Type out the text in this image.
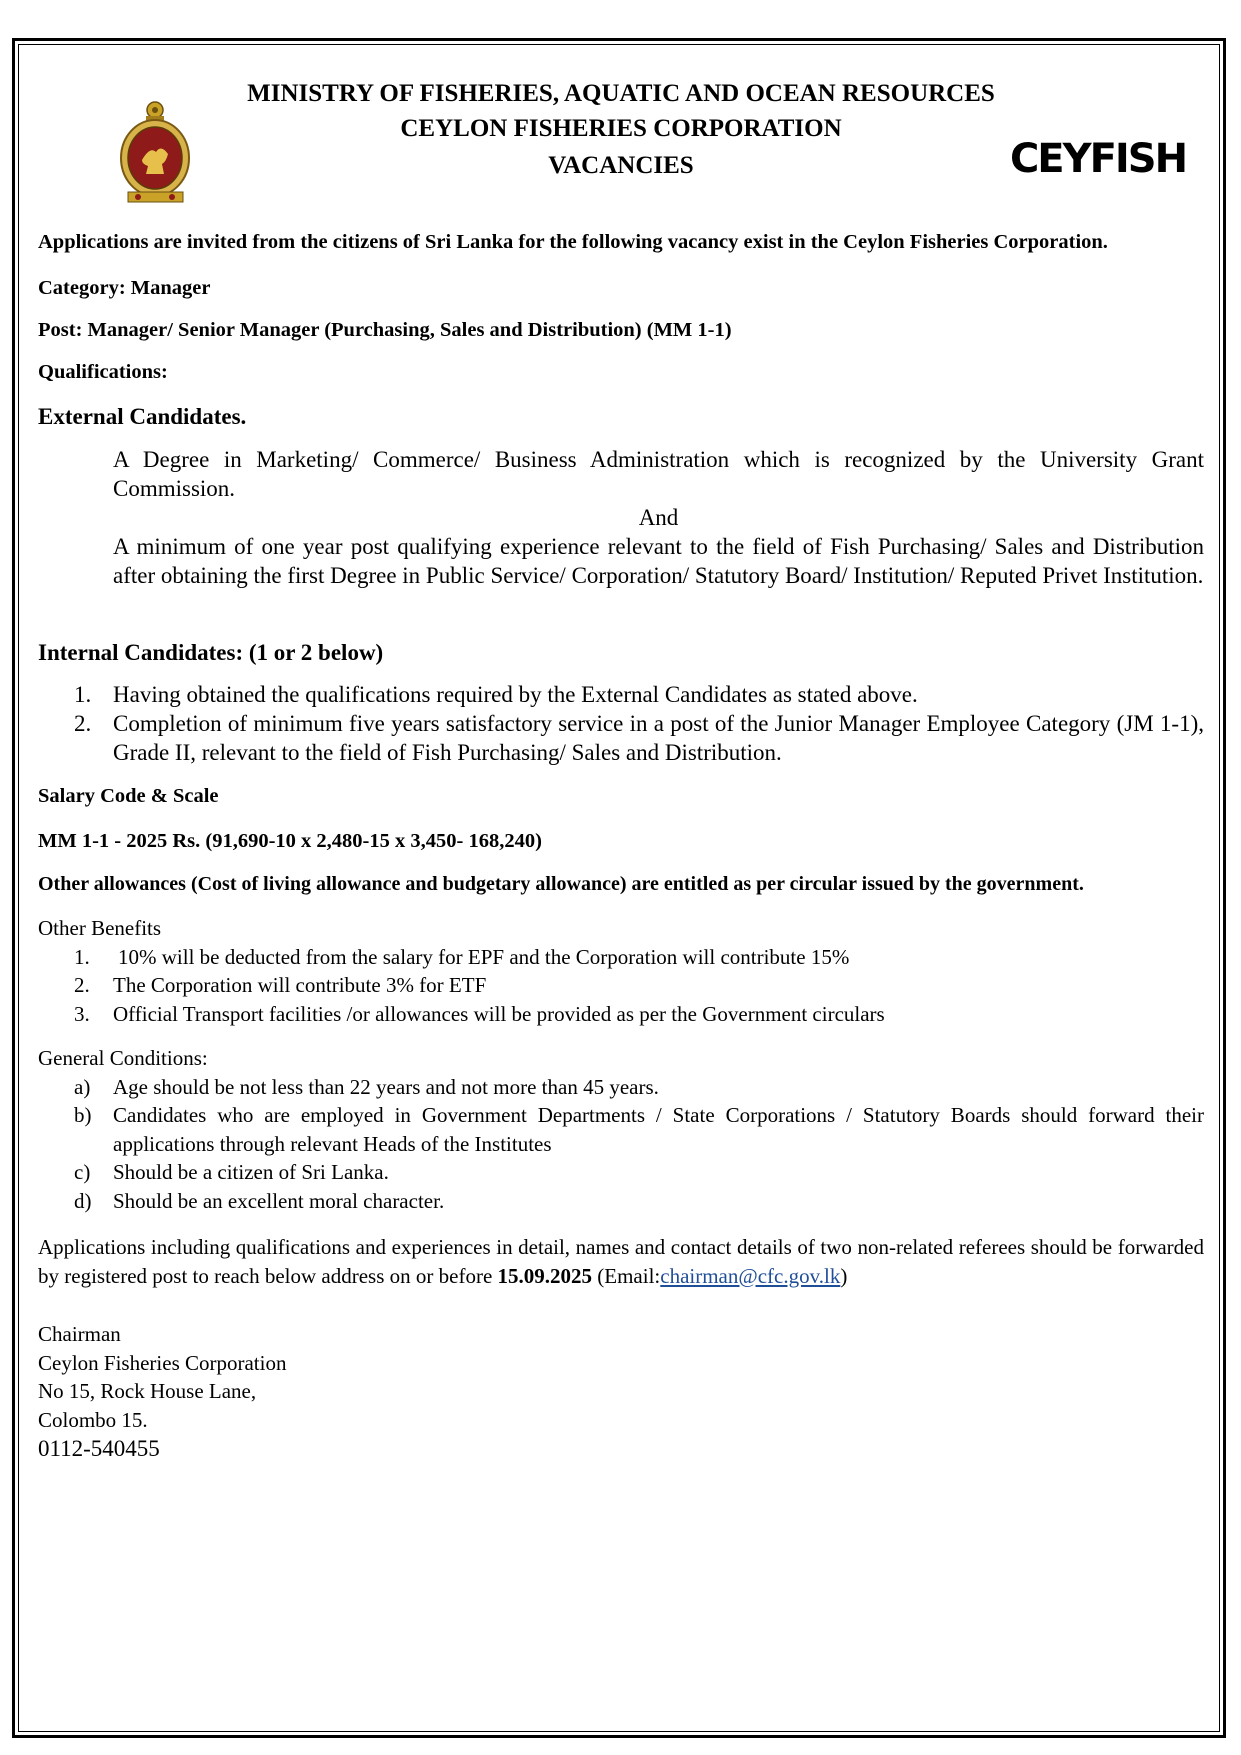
MINISTRY OF FISHERIES, AQUATIC AND OCEAN RESOURCES
CEYLON FISHERIES CORPORATION
VACANCIES	CEYFISH

Applications are invited from the citizens of Sri Lanka for the following vacancy exist in the Ceylon Fisheries Corporation.

Category: Manager

Post: Manager/ Senior Manager (Purchasing, Sales and Distribution) (MM 1-1)

Qualifications:

External Candidates.

A Degree in Marketing/ Commerce/ Business Administration which is recognized by the University Grant Commission.

And

A minimum of one year post qualifying experience relevant to the field of Fish Purchasing/ Sales and Distribution after obtaining the first Degree in Public Service/ Corporation/ Statutory Board/ Institution/ Reputed Privet Institution.

Internal Candidates: (1 or 2 below)

1. Having obtained the qualifications required by the External Candidates as stated above.
2. Completion of minimum five years satisfactory service in a post of the Junior Manager Employee Category (JM 1-1), Grade II, relevant to the field of Fish Purchasing/ Sales and Distribution.

Salary Code & Scale

MM 1-1 - 2025 Rs. (91,690-10 x 2,480-15 x 3,450- 168,240)

Other allowances (Cost of living allowance and budgetary allowance) are entitled as per circular issued by the government.

Other Benefits

1. 10% will be deducted from the salary for EPF and the Corporation will contribute 15%
2. The Corporation will contribute 3% for ETF
3. Official Transport facilities /or allowances will be provided as per the Government circulars

General Conditions:

a) Age should be not less than 22 years and not more than 45 years.
b) Candidates who are employed in Government Departments / State Corporations / Statutory Boards should forward their applications through relevant Heads of the Institutes
c) Should be a citizen of Sri Lanka.
d) Should be an excellent moral character.

Applications including qualifications and experiences in detail, names and contact details of two non-related referees should be forwarded by registered post to reach below address on or before 15.09.2025 (Email:chairman@cfc.gov.lk)

Chairman

Ceylon Fisheries Corporation

No 15, Rock House Lane,

Colombo 15.

0112-540455
